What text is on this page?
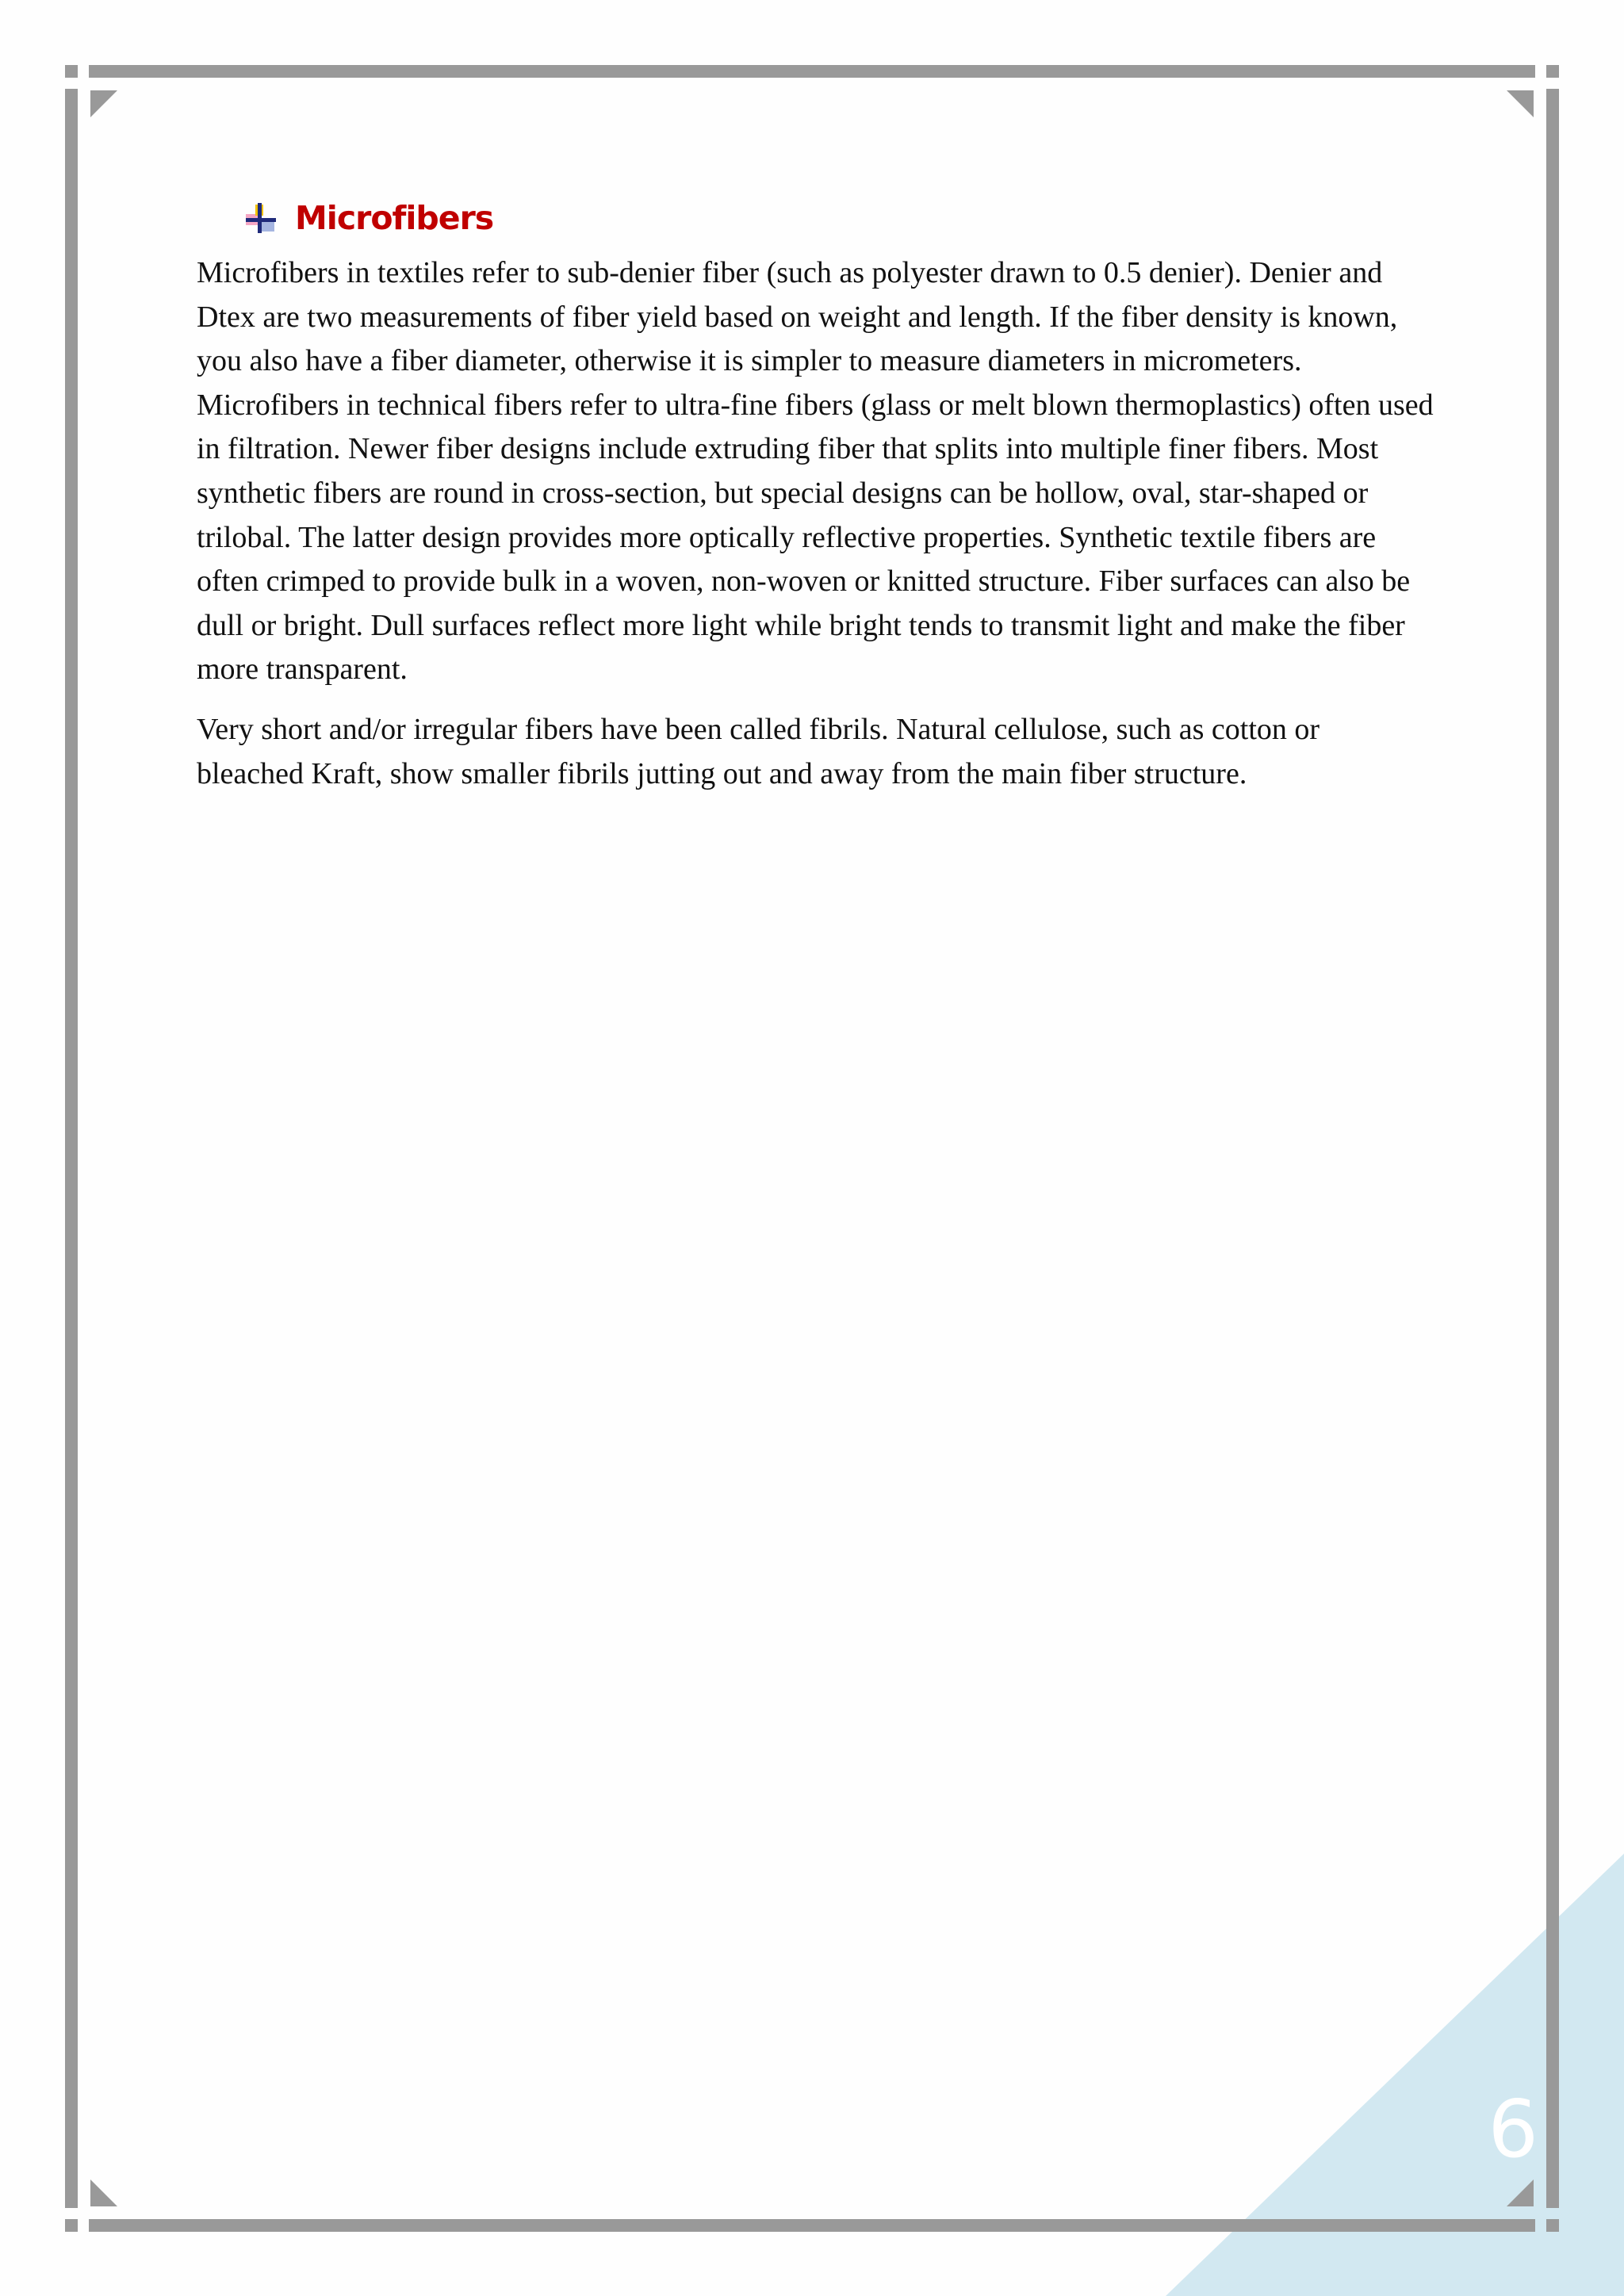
Microfibers

Microfibers in textiles refer to sub-denier fiber (such as polyester drawn to 0.5 denier). Denier and Dtex are two measurements of fiber yield based on weight and length. If the fiber density is known, you also have a fiber diameter, otherwise it is simpler to measure diameters in micrometers. Microfibers in technical fibers refer to ultra-fine fibers (glass or melt blown thermoplastics) often used in filtration. Newer fiber designs include extruding fiber that splits into multiple finer fibers. Most synthetic fibers are round in cross-section, but special designs can be hollow, oval, star-shaped or trilobal. The latter design provides more optically reflective properties. Synthetic textile fibers are often crimped to provide bulk in a woven, non-woven or knitted structure. Fiber surfaces can also be dull or bright. Dull surfaces reflect more light while bright tends to transmit light and make the fiber more transparent.

Very short and/or irregular fibers have been called fibrils. Natural cellulose, such as cotton or bleached Kraft, show smaller fibrils jutting out and away from the main fiber structure.

6
